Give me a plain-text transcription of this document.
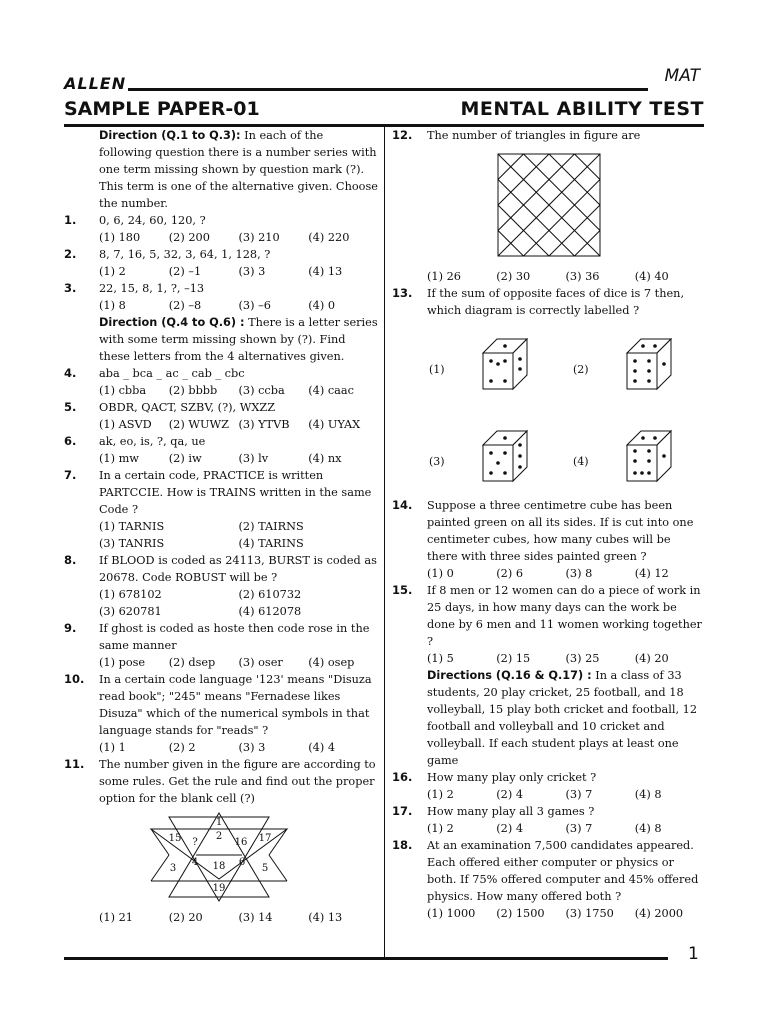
ALLEN	MAT
SAMPLE PAPER-01	MENTAL ABILITY TEST
1
Direction (Q.1 to Q.3): In each of the following question there is a number series with one term missing shown by question mark (?). This term is one of the alternative given. Choose the number.
1. 0, 6, 24, 60, 120, ?
(1) 180	(2) 200	(3) 210	(4) 220
2. 8, 7, 16, 5, 32, 3, 64, 1, 128, ?
(1) 2	(2) –1	(3) 3	(4) 13
3. 22, 15, 8, 1, ?, –13
(1) 8	(2) –8	(3) –6	(4) 0
Direction (Q.4 to Q.6) : There is a letter series with some term missing shown by (?). Find these letters from the 4 alternatives given.
4. aba _ bca _ ac _ cab _ cbc
(1) cbba	(2) bbbb	(3) ccba	(4) caac
5. OBDR, QACT, SZBV, (?), WXZZ
(1) ASVD	(2) WUWZ (3) YTVB	(4) UYAX
6. ak, eo, is, ?, qa, ue
(1) mw	(2) iw	(3) lv	(4) nx
7. In a certain code, PRACTICE is written PARTCCIE. How is TRAINS written in the same Code ?
(1) TARNIS	(2) TAIRNS
(3) TANRIS	(4) TARINS
8. If BLOOD is coded as 24113, BURST is coded as 20678. Code ROBUST will be ?
(1) 678102	(2) 610732
(3) 620781	(4) 612078
9. If ghost is coded as hoste then code rose in the same manner
(1) pose	(2) dsep	(3) oser	(4) osep
10. In a certain code language '123' means "Disuza read book"; "245" means "Fernadese likes Disuza" which of the numerical symbols in that language stands for "reads" ?
(1) 1	(2) 2	(3) 3	(4) 4
11. The number given in the figure are according to some rules. Get the rule and find out the proper option for the blank cell (?)
1
15 ?
2
16 17
3
4 18 6
5
19
(1) 21	(2) 20	(3) 14	(4) 13
12. The number of triangles in figure are
(1) 26	(2) 30	(3) 36	(4) 40
13. If the sum of opposite faces of dice is 7 then, which diagram is correctly labelled ?
(1)	(2)
(3)	(4)
14. Suppose a three centimetre cube has been painted green on all its sides. If is cut into one centimeter cubes, how many cubes will be there with three sides painted green ?
(1) 0	(2) 6	(3) 8	(4) 12
15. If 8 men or 12 women can do a piece of work in 25 days, in how many days can the work be done by 6 men and 11 women working together ?
(1) 5	(2) 15	(3) 25	(4) 20
Directions (Q.16 & Q.17) : In a class of 33 students, 20 play cricket, 25 football, and 18 volleyball, 15 play both cricket and football, 12 football and volleyball and 10 cricket and volleyball. If each student plays at least one game
16. How many play only cricket ?
(1) 2	(2) 4	(3) 7	(4) 8
17. How many play all 3 games ?
(1) 2	(2) 4	(3) 7	(4) 8
18. At an examination 7,500 candidates appeared. Each offered either computer or physics or both. If 75% offered computer and 45% offered physics. How many offered both ?
(1) 1000	(2) 1500	(3) 1750	(4) 2000
